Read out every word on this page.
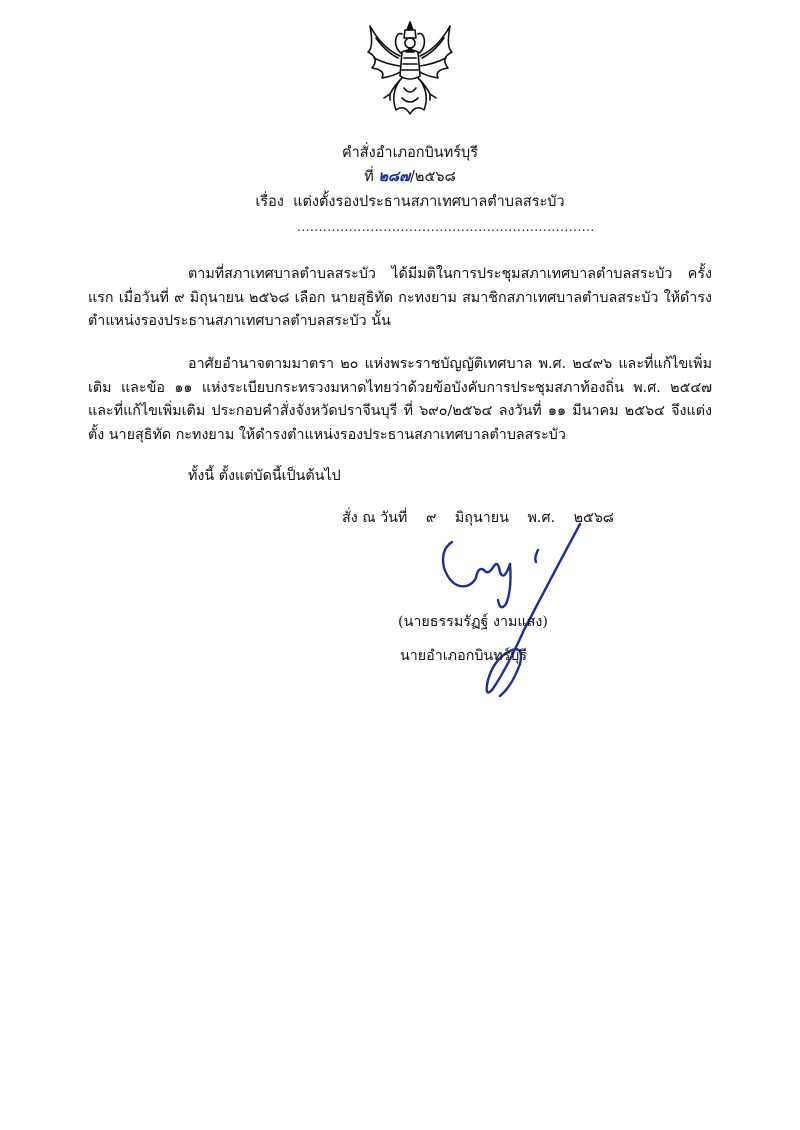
คำสั่งอำเภอกบินทร์บุรี
ที่ ๒๘๗/๒๕๖๘
เรื่อง แต่งตั้งรองประธานสภาเทศบาลตำบลสระบัว
.....................................................................

ตามที่สภาเทศบาลตำบลสระบัว ได้มีมติในการประชุมสภาเทศบาลตำบลสระบัว ครั้งแรก เมื่อวันที่ ๙ มิถุนายน ๒๕๖๘ เลือก นายสุธิทัด กะทงยาม สมาชิกสภาเทศบาลตำบลสระบัว ให้ดำรงตำแหน่งรองประธานสภาเทศบาลตำบลสระบัว นั้น

อาศัยอำนาจตามมาตรา ๒๐ แห่งพระราชบัญญัติเทศบาล พ.ศ. ๒๔๙๖ และที่แก้ไขเพิ่มเติม และข้อ ๑๑ แห่งระเบียบกระทรวงมหาดไทยว่าด้วยข้อบังคับการประชุมสภาท้องถิ่น พ.ศ. ๒๕๔๗ และที่แก้ไขเพิ่มเติม ประกอบคำสั่งจังหวัดปราจีนบุรี ที่ ๖๙๐/๒๕๖๔ ลงวันที่ ๑๑ มีนาคม ๒๕๖๔ จึงแต่งตั้ง นายสุธิทัด กะทงยาม ให้ดำรงตำแหน่งรองประธานสภาเทศบาลตำบลสระบัว

ทั้งนี้ ตั้งแต่บัดนี้เป็นต้นไป
สั่ง ณ วันที่ ๙ มิถุนายน พ.ศ. ๒๕๖๘
(นายธรรมรัฏฐ์ งามแสง)
นายอำเภอกบินทร์บุรี
